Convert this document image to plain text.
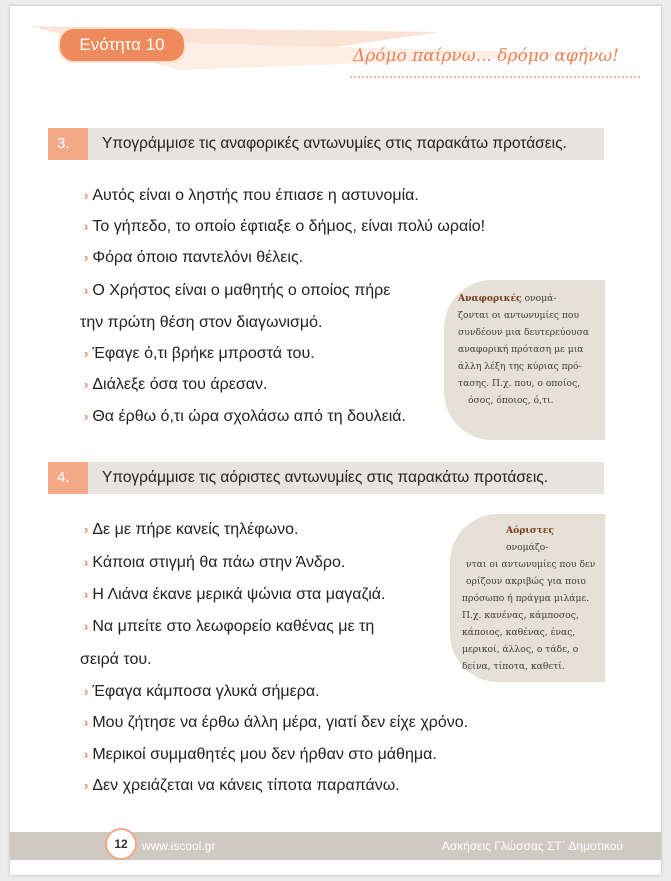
Ενότητα 10
Δρόμο παίρνω... δρόμο αφήνω!
3.	Υπογράμμισε τις αναφορικές αντωνυμίες στις παρακάτω προτάσεις.
› Αυτός είναι ο ληστής που έπιασε η αστυνομία.
› Το γήπεδο, το οποίο έφτιαξε ο δήμος, είναι πολύ ωραίο!
› Φόρα όποιο παντελόνι θέλεις.
› Ο Χρήστος είναι ο μαθητής ο οποίος πήρε
την πρώτη θέση στον διαγωνισμό.
› Έφαγε ό,τι βρήκε μπροστά του.
› Διάλεξε όσα του άρεσαν.
› Θα έρθω ό,τι ώρα σχολάσω από τη δουλειά.
Αναφορικές ονομά-
ζονται οι αντωνυμίες που
συνδέουν μια δευτερεύουσα
αναφορική πρόταση με μια
άλλη λέξη της κύριας πρό-
τασης. Π.χ. που, ο οποίος,
όσος, όποιος, ό,τι.
4.	Υπογράμμισε τις αόριστες αντωνυμίες στις παρακάτω προτάσεις.
› Δε με πήρε κανείς τηλέφωνο.
› Κάποια στιγμή θα πάω στην Άνδρο.
› Η Λιάνα έκανε μερικά ψώνια στα μαγαζιά.
› Να μπείτε στο λεωφορείο καθένας με τη
σειρά του.
› Έφαγα κάμποσα γλυκά σήμερα.
› Μου ζήτησε να έρθω άλλη μέρα, γιατί δεν είχε χρόνο.
› Μερικοί συμμαθητές μου δεν ήρθαν στο μάθημα.
› Δεν χρειάζεται να κάνεις τίποτα παραπάνω.
Αόριστες ονομάζο-
νται οι αντωνυμίες που δεν
ορίζουν ακριβώς για ποιο
πρόσωπο ή πράγμα μιλάμε.
Π.χ. κανένας, κάμποσος,
κάποιος, καθένας, ένας,
μερικοί, άλλος, ο τάδε, ο
δείνα, τίποτα, καθετί.
12	www.iscool.gr	Ασκήσεις Γλώσσας ΣΤ΄ Δημοτικού
